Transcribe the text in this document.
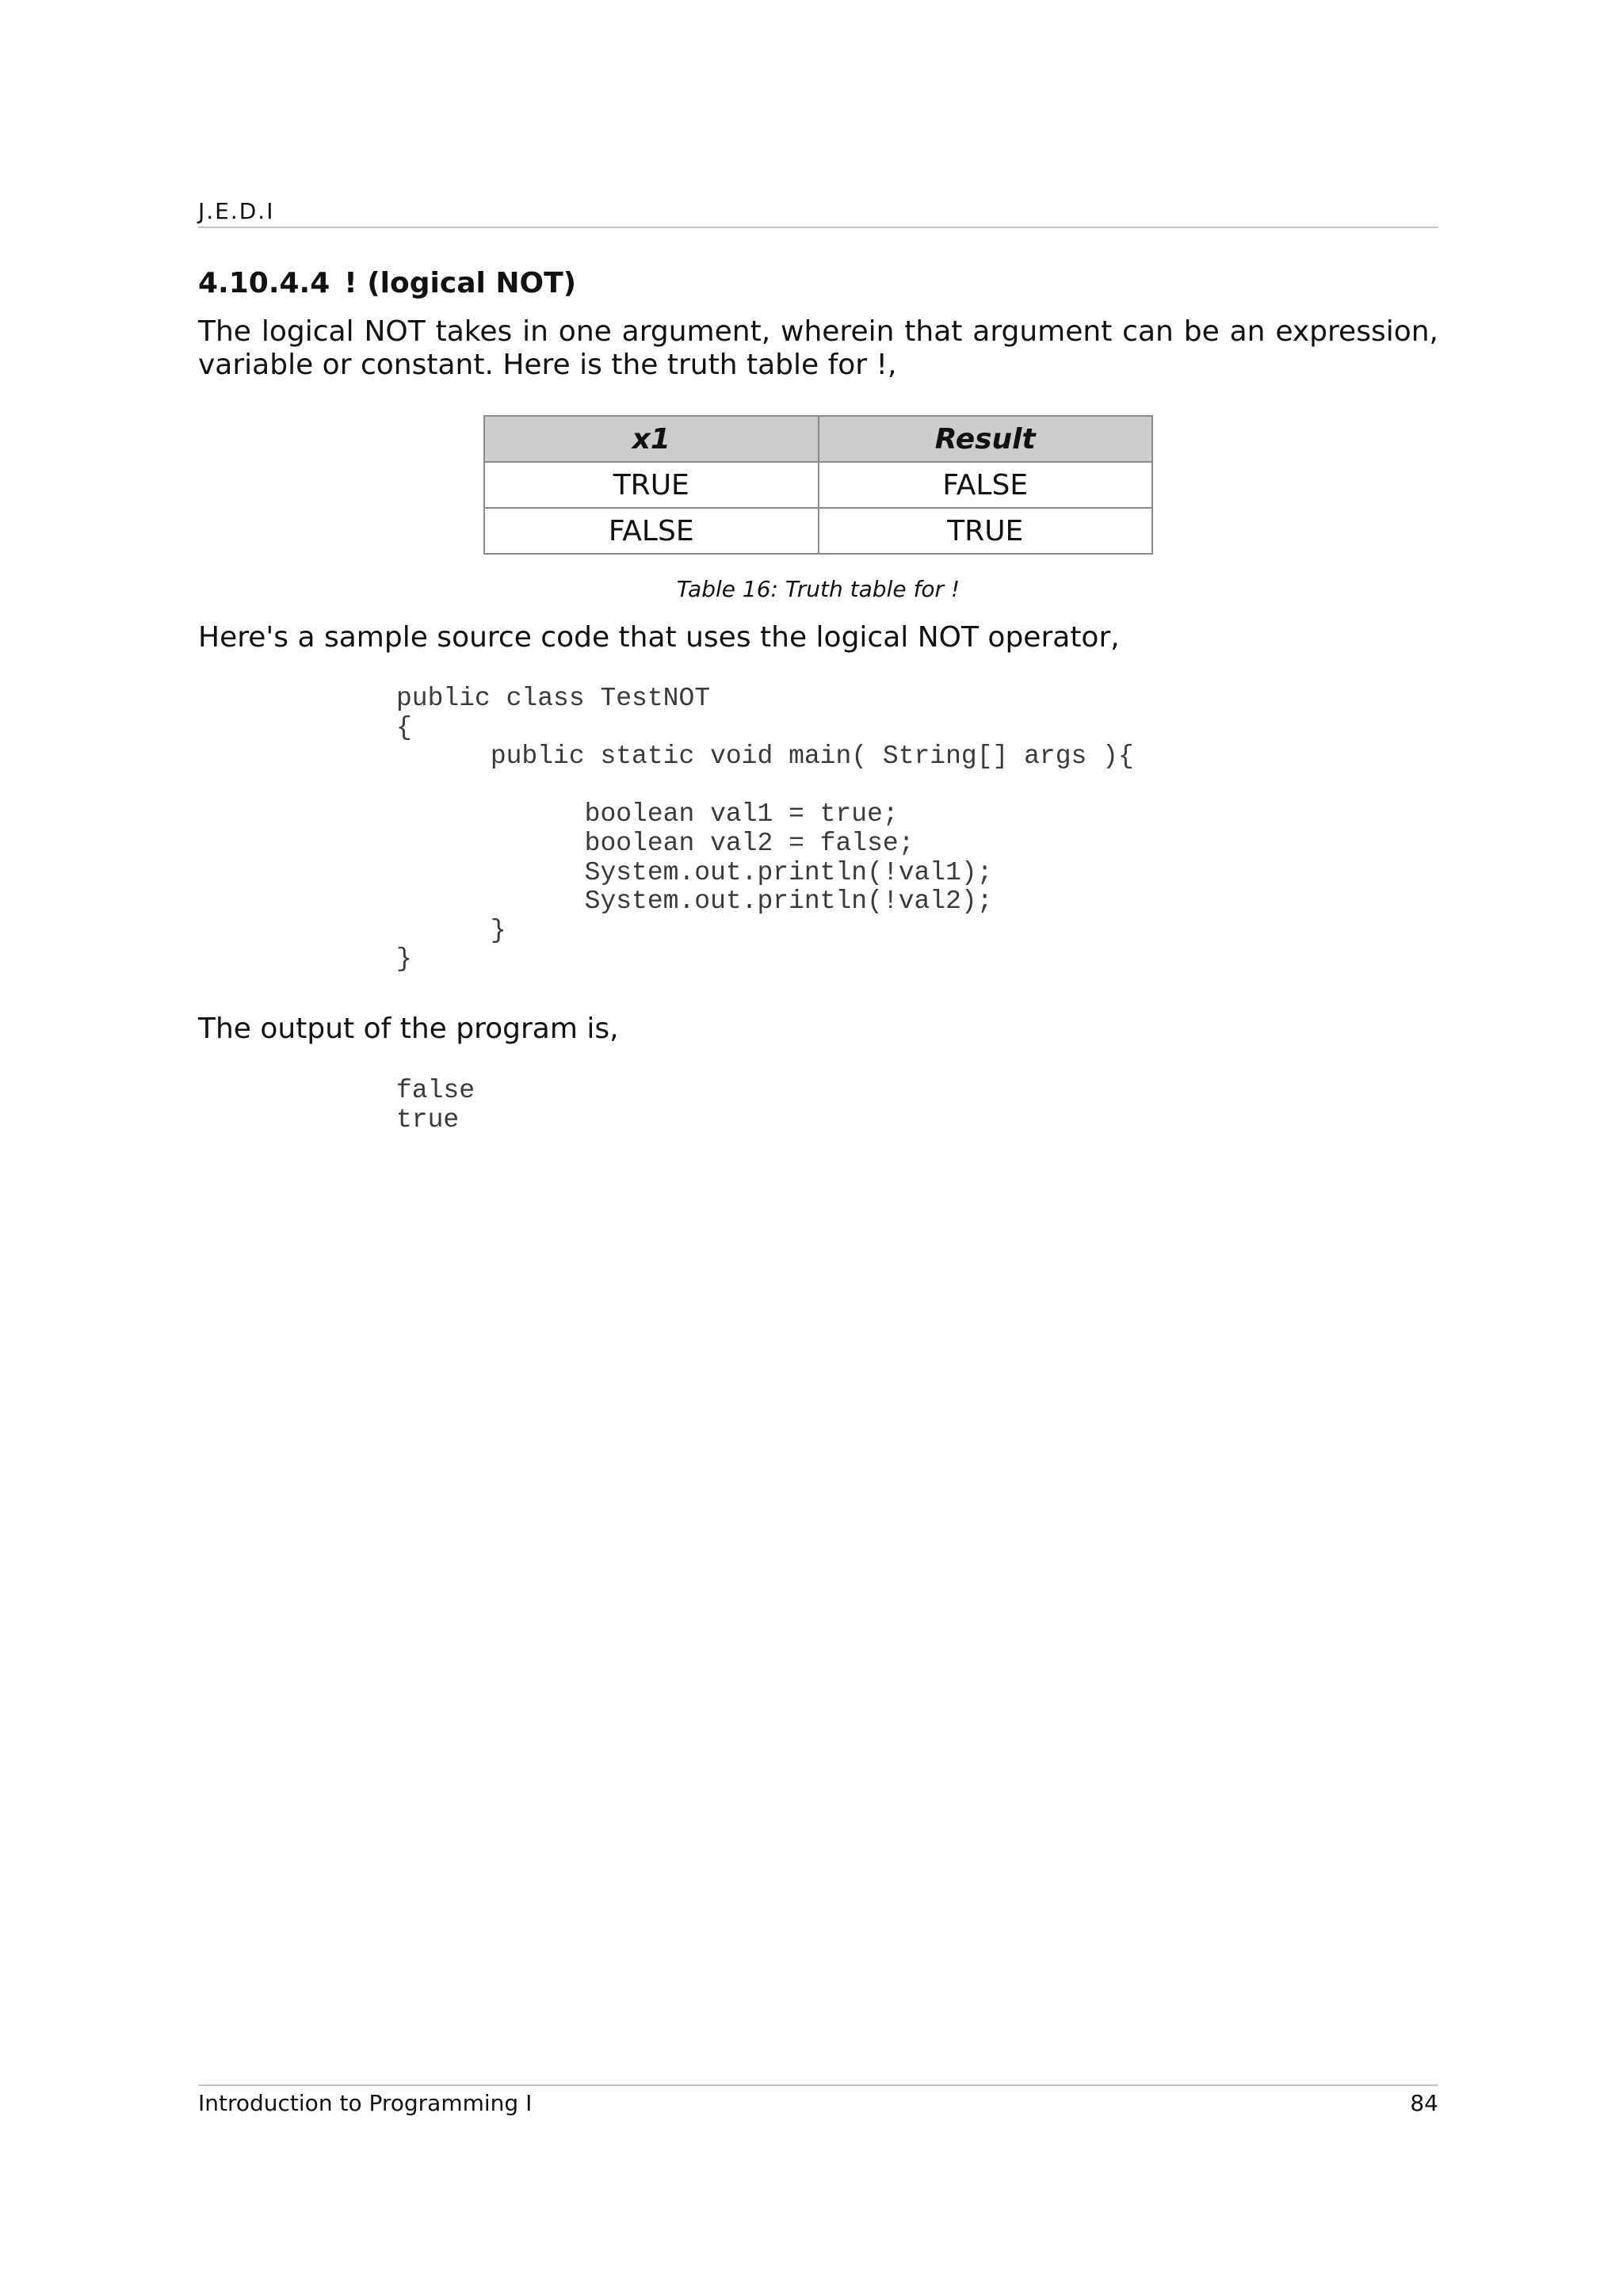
J.E.D.I
4.10.4.4 ! (logical NOT)

The logical NOT takes in one argument, wherein that argument can be an expression, variable or constant. Here is the truth table for !,

x1	Result
TRUE	FALSE
FALSE	TRUE
Table 16: Truth table for !

Here's a sample source code that uses the logical NOT operator,

public class TestNOT
{
public static void main( String[] args ){

boolean val1 = true;
boolean val2 = false;
System.out.println(!val1);
System.out.println(!val2);
}
}

The output of the program is,

false
true
Introduction to Programming I	84
